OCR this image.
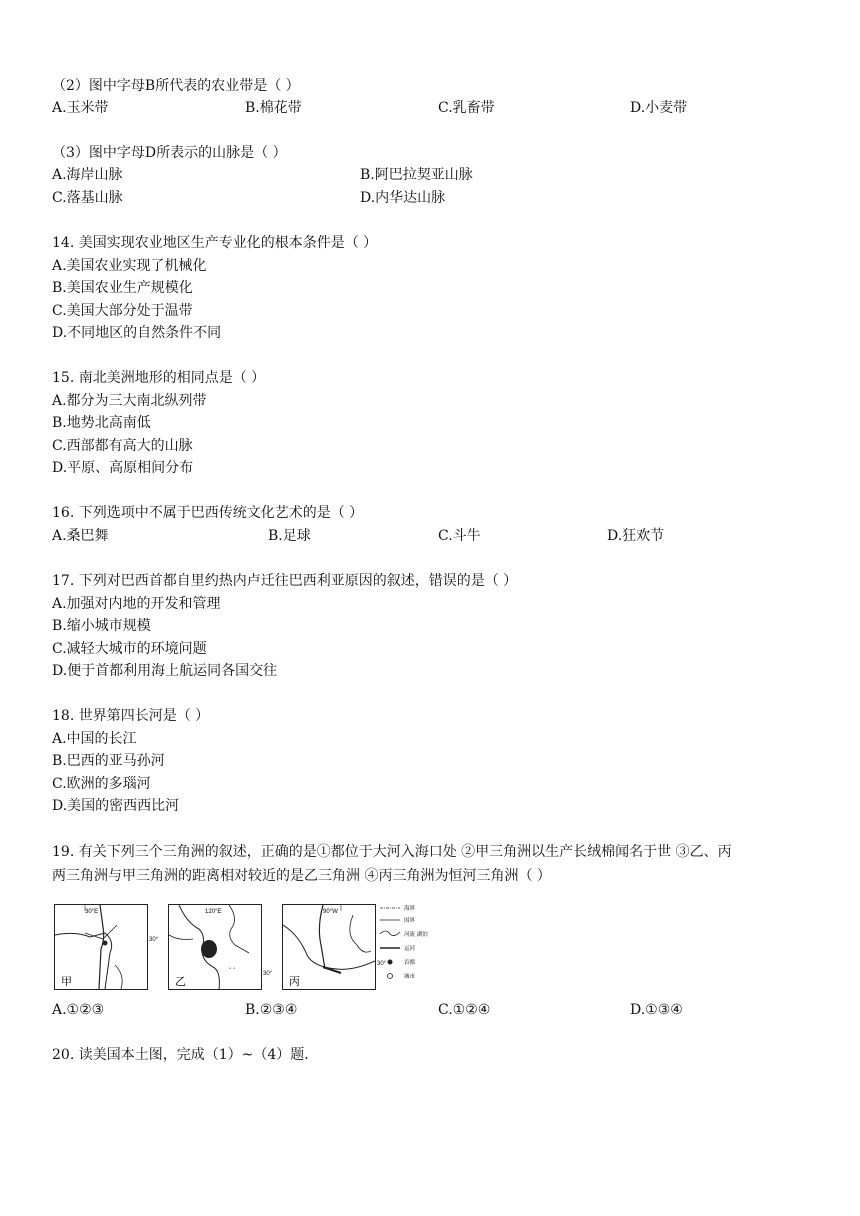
（2）图中字母B所代表的农业带是（ ）
A.玉米带	B.棉花带	C.乳畜带	D.小麦带
（3）图中字母D所表示的山脉是（ ）
A.海岸山脉	B.阿巴拉契亚山脉
C.落基山脉	D.内华达山脉
14. 美国实现农业地区生产专业化的根本条件是（ ）
A.美国农业实现了机械化
B.美国农业生产规模化
C.美国大部分处于温带
D.不同地区的自然条件不同
15. 南北美洲地形的相同点是（ ）
A.都分为三大南北纵列带
B.地势北高南低
C.西部都有高大的山脉
D.平原、高原相间分布
16. 下列选项中不属于巴西传统文化艺术的是（ ）
A.桑巴舞	B.足球	C.斗牛	D.狂欢节
17. 下列对巴西首都自里约热内卢迁往巴西利亚原因的叙述，错误的是（ ）
A.加强对内地的开发和管理
B.缩小城市规模
C.减轻大城市的环境问题
D.便于首都利用海上航运同各国交往
18. 世界第四长河是（ ）
A.中国的长江
B.巴西的亚马孙河
C.欧洲的多瑙河
D.美国的密西西比河
19. 有关下列三个三角洲的叙述，正确的是①都位于大河入海口处 ②甲三角洲以生产长绒棉闻名于世 ③乙、丙
两三角洲与甲三角洲的距离相对较近的是乙三角洲 ④丙三角洲为恒河三角洲（ ）
30°E
甲
30°
° °
120°E
乙
30°
90°W
丙
30°
海界
国界
河流 湖泊
运河
首都
城市
A.①②③	B.②③④	C.①②④	D.①③④
20. 读美国本土图，完成（1）~（4）题.
